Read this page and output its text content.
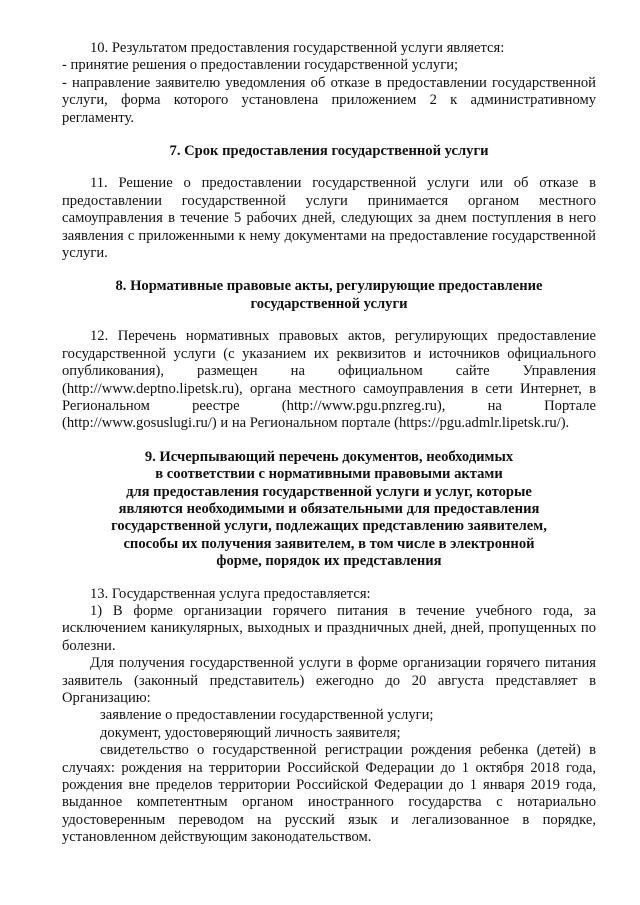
10. Результатом предоставления государственной услуги является:

- принятие решения о предоставлении государственной услуги;

- направление заявителю уведомления об отказе в предоставлении государственной услуги, форма которого установлена приложением 2 к административному регламенту.

7. Срок предоставления государственной услуги

11. Решение о предоставлении государственной услуги или об отказе в предоставлении государственной услуги принимается органом местного самоуправления в течение 5 рабочих дней, следующих за днем поступления в него заявления с приложенными к нему документами на предоставление государственной услуги.

8. Нормативные правовые акты, регулирующие предоставление
государственной услуги

12. Перечень нормативных правовых актов, регулирующих предоставление государственной услуги (с указанием их реквизитов и источников официального опубликования), размещен на официальном сайте Управления (http://www.deptno.lipetsk.ru), органа местного самоуправления в сети Интернет, в Региональном реестре (http://www.pgu.pnzreg.ru), на Портале (http://www.gosuslugi.ru/) и на Региональном портале (https://pgu.admlr.lipetsk.ru/).

9. Исчерпывающий перечень документов, необходимых
в соответствии с нормативными правовыми актами
для предоставления государственной услуги и услуг, которые
являются необходимыми и обязательными для предоставления
государственной услуги, подлежащих представлению заявителем,
способы их получения заявителем, в том числе в электронной
форме, порядок их представления

13. Государственная услуга предоставляется:

1) В форме организации горячего питания в течение учебного года, за исключением каникулярных, выходных и праздничных дней, дней, пропущенных по болезни.

Для получения государственной услуги в форме организации горячего питания заявитель (законный представитель) ежегодно до 20 августа представляет в Организацию:

заявление о предоставлении государственной услуги;

документ, удостоверяющий личность заявителя;

свидетельство о государственной регистрации рождения ребенка (детей) в случаях: рождения на территории Российской Федерации до 1 октября 2018 года, рождения вне пределов территории Российской Федерации до 1 января 2019 года, выданное компетентным органом иностранного государства с нотариально удостоверенным переводом на русский язык и легализованное в порядке, установленном действующим законодательством.
